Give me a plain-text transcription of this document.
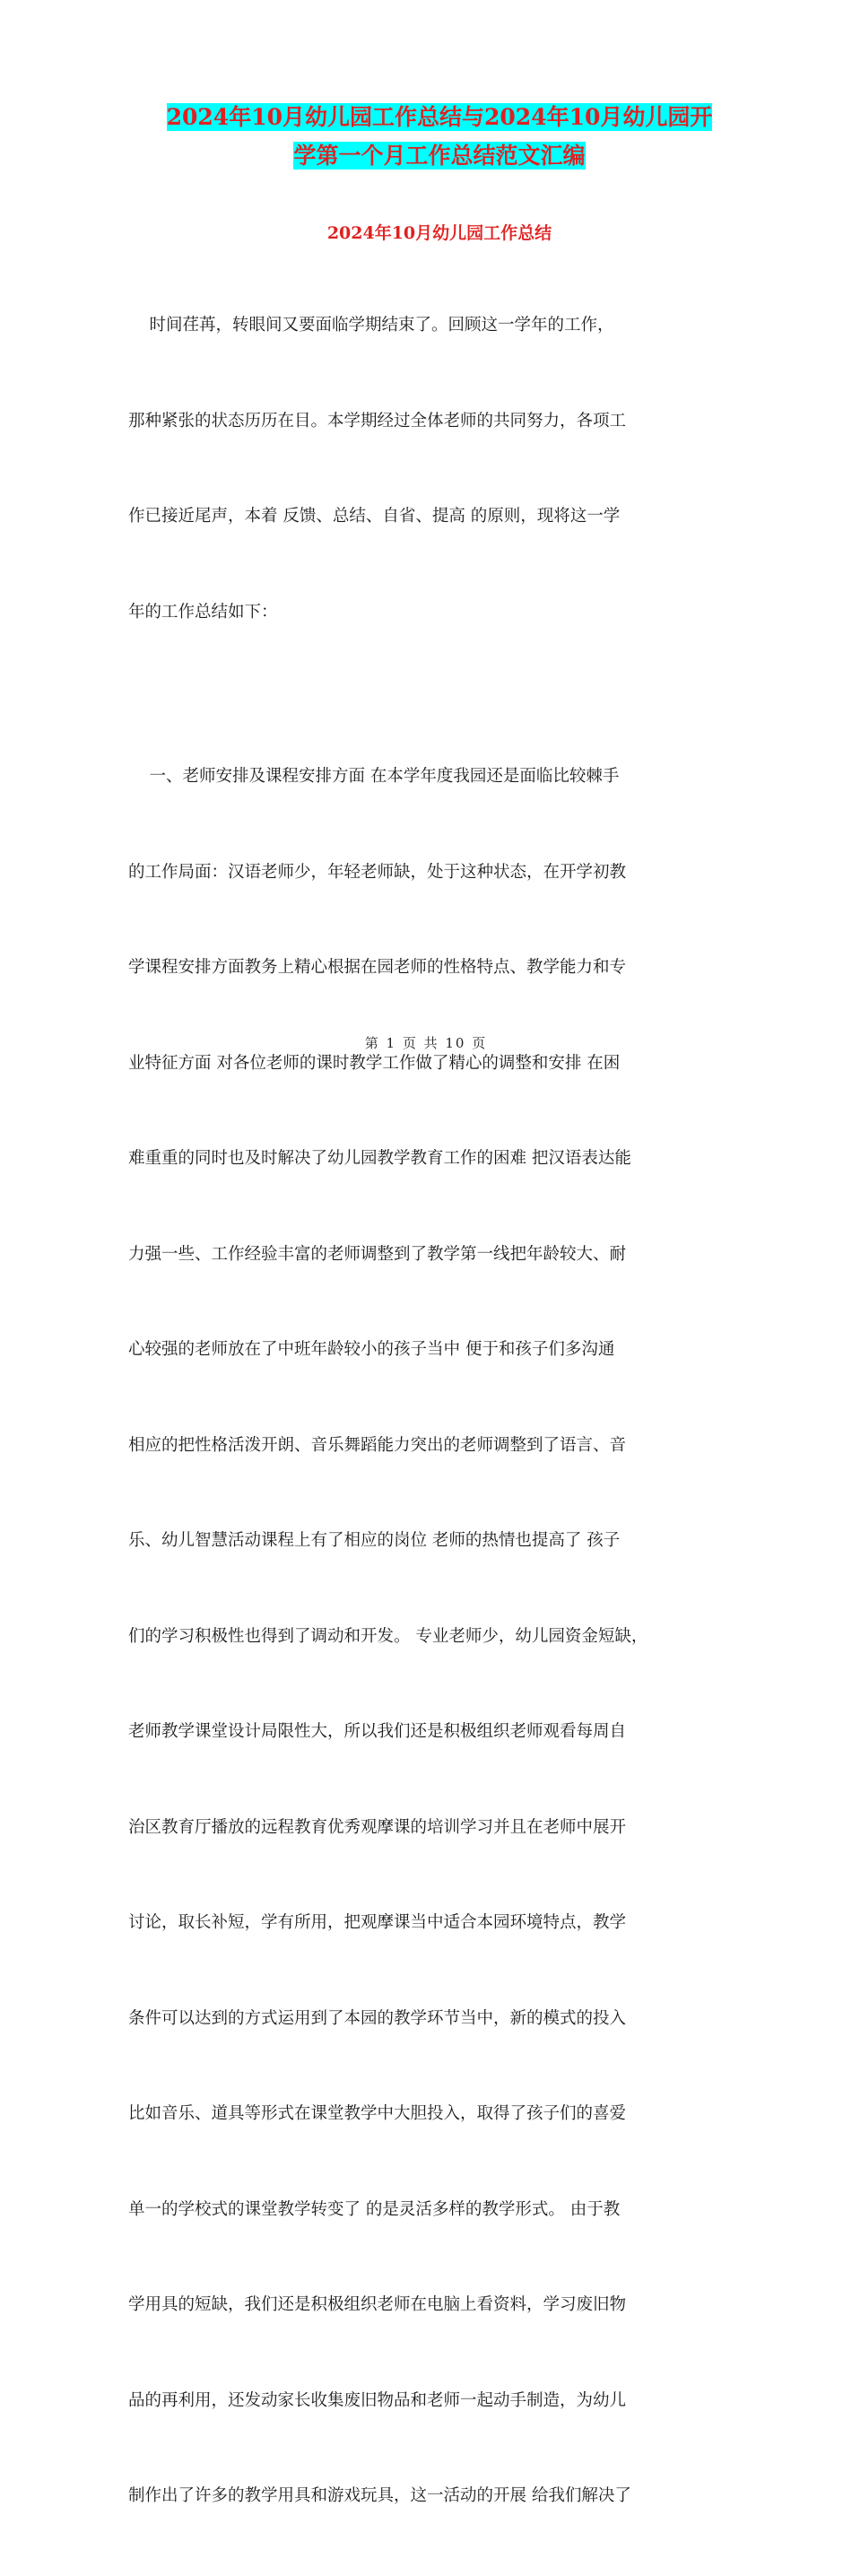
2024年10月幼儿园工作总结与2024年10月幼儿园开
学第一个月工作总结范文汇编
2024年10月幼儿园工作总结

时间荏苒，转眼间又要面临学期结束了。回顾这一学年的工作，

那种紧张的状态历历在目。本学期经过全体老师的共同努力，各项工

作已接近尾声，本着 反馈、总结、自省、提高 的原则，现将这一学

年的工作总结如下：

一、老师安排及课程安排方面 在本学年度我园还是面临比较棘手

的工作局面：汉语老师少，年轻老师缺，处于这种状态，在开学初教

学课程安排方面教务上精心根据在园老师的性格特点、教学能力和专

业特征方面 对各位老师的课时教学工作做了精心的调整和安排 在困

难重重的同时也及时解决了幼儿园教学教育工作的困难 把汉语表达能

力强一些、工作经验丰富的老师调整到了教学第一线把年龄较大、耐

心较强的老师放在了中班年龄较小的孩子当中 便于和孩子们多沟通

相应的把性格活泼开朗、音乐舞蹈能力突出的老师调整到了语言、音

乐、幼儿智慧活动课程上有了相应的岗位 老师的热情也提高了 孩子

们的学习积极性也得到了调动和开发。 专业老师少，幼儿园资金短缺，

老师教学课堂设计局限性大，所以我们还是积极组织老师观看每周自

治区教育厅播放的远程教育优秀观摩课的培训学习并且在老师中展开

讨论，取长补短，学有所用，把观摩课当中适合本园环境特点，教学

条件可以达到的方式运用到了本园的教学环节当中，新的模式的投入

比如音乐、道具等形式在课堂教学中大胆投入，取得了孩子们的喜爱

单一的学校式的课堂教学转变了 的是灵活多样的教学形式。 由于教

学用具的短缺，我们还是积极组织老师在电脑上看资料，学习废旧物

品的再利用，还发动家长收集废旧物品和老师一起动手制造，为幼儿

制作出了许多的教学用具和游戏玩具，这一活动的开展 给我们解决了

第 1 页 共 10 页
